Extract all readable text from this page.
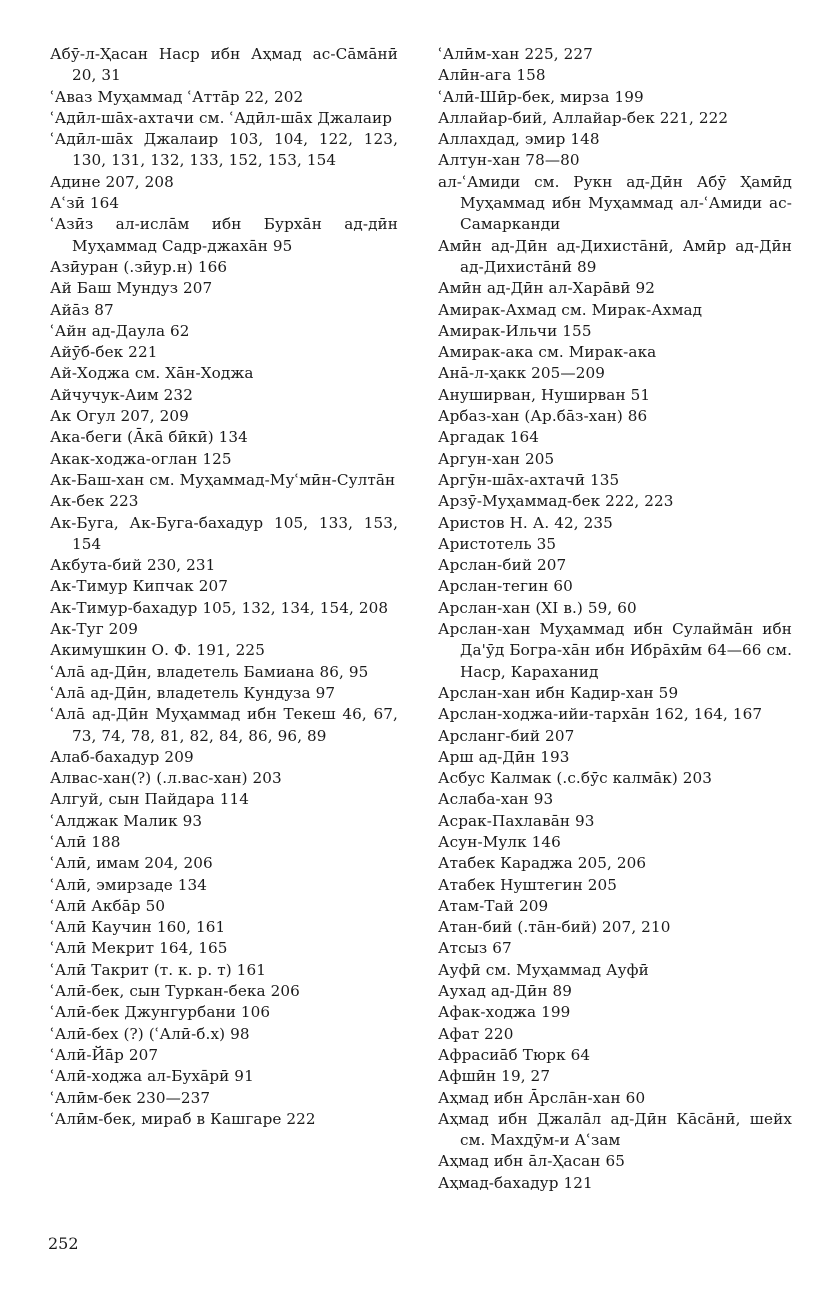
Абӯ-л-Ҳасан Наср ибн Аҳмад ас-Са̄ма̄нӣ 20, 31
ʿАваз Муҳаммад ʿАтта̄р 22, 202
ʿАдӣл-ша̄х-ахтачи см. ʿАдӣл-ша̄х Джалаир
ʿАдӣл-ша̄х Джалаир 103, 104, 122, 123, 130, 131, 132, 133, 152, 153, 154
Адине 207, 208
Аʿзӣ 164
ʿАзӣз ал-исла̄м ибн Бурха̄н ад-дӣн Муҳаммад Садр-джаха̄н 95
Азӣуран (.зӣур.н) 166
Ай Баш Мундуз 207
Айа̄з 87
ʿАйн ад-Даула 62
Айӯб-бек 221
Ай-Ходжа см. Ха̄н-Ходжа
Айчучук-Аим 232
Ак Огул 207, 209
Ака-беги (А̄ка̄ бӣкӣ) 134
Акак-ходжа-оглан 125
Ак-Баш-хан см. Муҳаммад-Муʿмӣн-Султа̄н
Ак-бек 223
Ак-Буга, Ак-Буга-бахадур 105, 133, 153, 154
Акбута-бий 230, 231
Ак-Тимур Кипчак 207
Ак-Тимур-бахадур 105, 132, 134, 154, 208
Ак-Туг 209
Акимушкин О. Ф. 191, 225
ʿАла̄ ад-Дӣн, владетель Бамиана 86, 95
ʿАла̄ ад-Дӣн, владетель Кундуза 97
ʿАла̄ ад-Дӣн Муҳаммад ибн Текеш 46, 67, 73, 74, 78, 81, 82, 84, 86, 96, 89
Алаб-бахадур 209
Алвас-хан(?) (.л.вас-хан) 203
Алгуй, сын Пайдара 114
ʿАлджак Малик 93
ʿАлӣ 188
ʿАлӣ, имам 204, 206
ʿАлӣ, эмирзаде 134
ʿАлӣ Акба̄р 50
ʿАлӣ Каучин 160, 161
ʿАлӣ Мекрит 164, 165
ʿАлӣ Такрит (т. к. р. т) 161
ʿАлӣ-бек, сын Туркан-бека 206
ʿАлӣ-бек Джунгурбани 106
ʿАлӣ-бех (?) (ʿАлӣ-б.х) 98
ʿАлӣ-Йа̄р 207
ʿАлӣ-ходжа ал-Буха̄рӣ 91
ʿАлӣм-бек 230—237
ʿАлӣм-бек, мираб в Кашгаре 222
ʿАлӣм-хан 225, 227
Алӣн-ага 158
ʿАлӣ-Шӣр-бек, мирза 199
Аллайар-бий, Аллайар-бек 221, 222
Аллахдад, эмир 148
Алтун-хан 78—80
ал-ʿАмиди см. Рукн ад-Дӣн Абӯ Ҳамӣд Муҳаммад ибн Муҳаммад ал-ʿАмиди ас-Самарканди
Амӣн ад-Дӣн ад-Дихиста̄нӣ, Амӣр ад-Дӣн ад-Дихиста̄нӣ 89
Амӣн ад-Дӣн ал-Хара̄вӣ 92
Амирак-Ахмад см. Мирак-Ахмад
Амирак-Ильчи 155
Амирак-ака см. Мирак-ака
Ана̄-л-ҳакк 205—209
Ануширван, Нуширван 51
Арбаз-хан (Ар.ба̄з-хан) 86
Аргадак 164
Аргун-хан 205
Аргӯн-ша̄х-ахтачӣ 135
Арзӯ-Муҳаммад-бек 222, 223
Аристов Н. А. 42, 235
Аристотель 35
Арслан-бий 207
Арслан-тегин 60
Арслан-хан (XI в.) 59, 60
Арслан-хан Муҳаммад ибн Сулайма̄н ибн Да'ӯд Богра-ха̄н ибн Ибра̄хӣм 64—66 см. Наср, Караханид
Арслан-хан ибн Кадир-хан 59
Арслан-ходжа-ийи-тарха̄н 162, 164, 167
Арсланг-бий 207
Арш ад-Дӣн 193
Асбус Калмак (.с.бӯс калма̄к) 203
Аслаба-хан 93
Асрак-Пахлава̄н 93
Асун-Мулк 146
Атабек Караджа 205, 206
Атабек Нуштегин 205
Атам-Тай 209
Атан-бий (.та̄н-бий) 207, 210
Атсыз 67
Ауфӣ см. Муҳаммад Ауфӣ
Аухад ад-Дӣн 89
Афак-ходжа 199
Афат 220
Афрасиа̄б Тюрк 64
Афшӣн 19, 27
Аҳмад ибн А̄рсла̄н-хан 60
Аҳмад ибн Джала̄л ад-Дӣн Ка̄са̄нӣ, шейх см. Махдӯм-и Аʿзам
Аҳмад ибн а̄л-Ҳасан 65
Аҳмад-бахадур 121
252
